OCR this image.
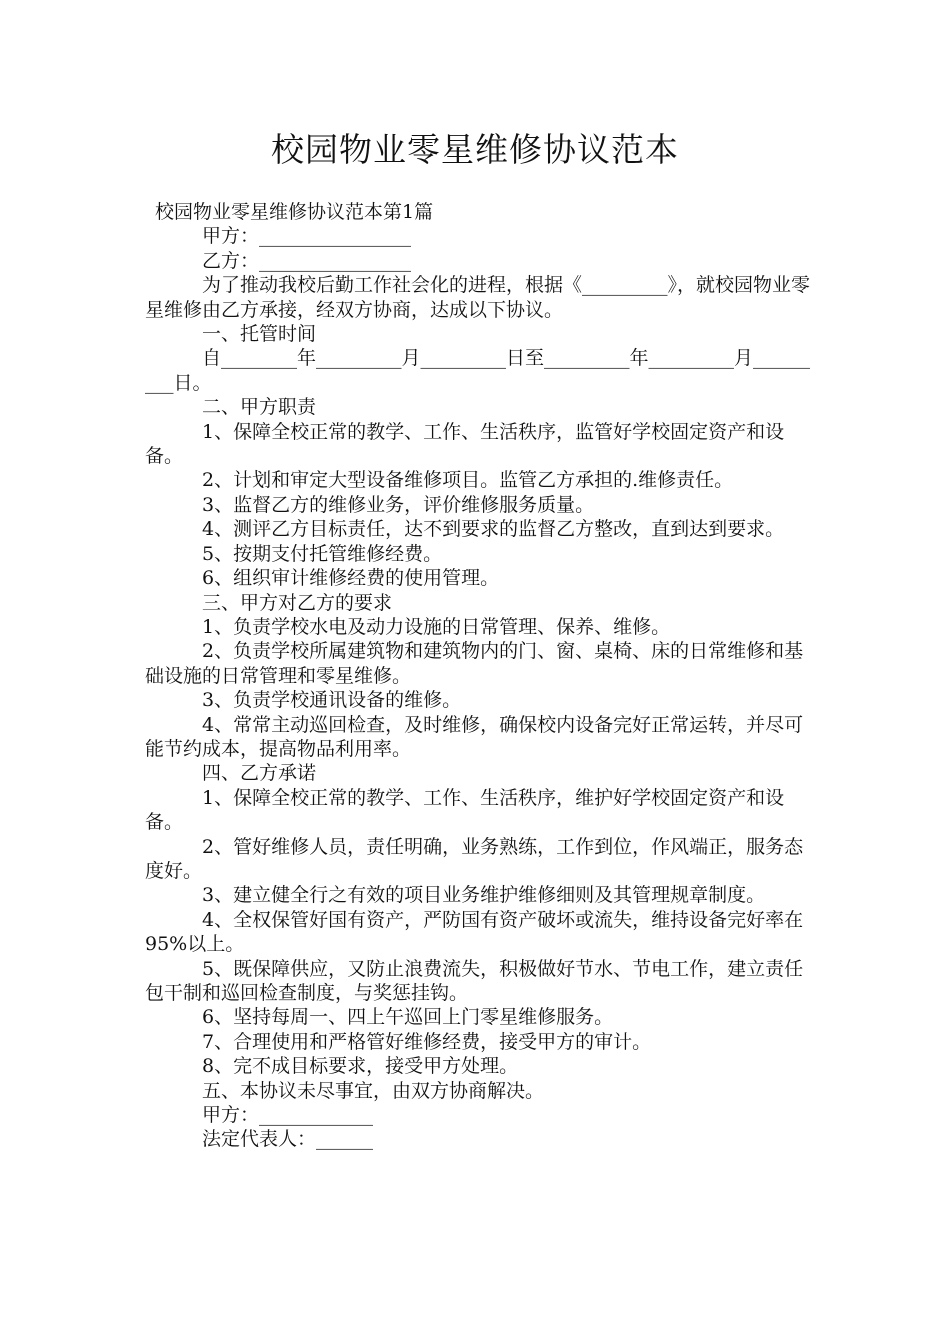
校园物业零星维修协议范本

校园物业零星维修协议范本第1篇

甲方：________________

乙方：________________

为了推动我校后勤工作社会化的进程，根据《_________》，就校园物业零星维修由乙方承接，经双方协商，达成以下协议。

一、托管时间

自________年_________月_________日至_________年_________月_________日。

二、甲方职责

1、保障全校正常的教学、工作、生活秩序，监管好学校固定资产和设备。

2、计划和审定大型设备维修项目。监管乙方承担的.维修责任。

3、监督乙方的维修业务，评价维修服务质量。

4、测评乙方目标责任，达不到要求的监督乙方整改，直到达到要求。

5、按期支付托管维修经费。

6、组织审计维修经费的使用管理。

三、甲方对乙方的要求

1、负责学校水电及动力设施的日常管理、保养、维修。

2、负责学校所属建筑物和建筑物内的门、窗、桌椅、床的日常维修和基础设施的日常管理和零星维修。

3、负责学校通讯设备的维修。

4、常常主动巡回检查，及时维修，确保校内设备完好正常运转，并尽可能节约成本，提高物品利用率。

四、乙方承诺

1、保障全校正常的教学、工作、生活秩序，维护好学校固定资产和设备。

2、管好维修人员，责任明确，业务熟练，工作到位，作风端正，服务态度好。

3、建立健全行之有效的项目业务维护维修细则及其管理规章制度。

4、全权保管好国有资产，严防国有资产破坏或流失，维持设备完好率在95%以上。

5、既保障供应，又防止浪费流失，积极做好节水、节电工作，建立责任包干制和巡回检查制度，与奖惩挂钩。

6、坚持每周一、四上午巡回上门零星维修服务。

7、合理使用和严格管好维修经费，接受甲方的审计。

8、完不成目标要求，接受甲方处理。

五、本协议未尽事宜，由双方协商解决。

甲方：____________

法定代表人：______
